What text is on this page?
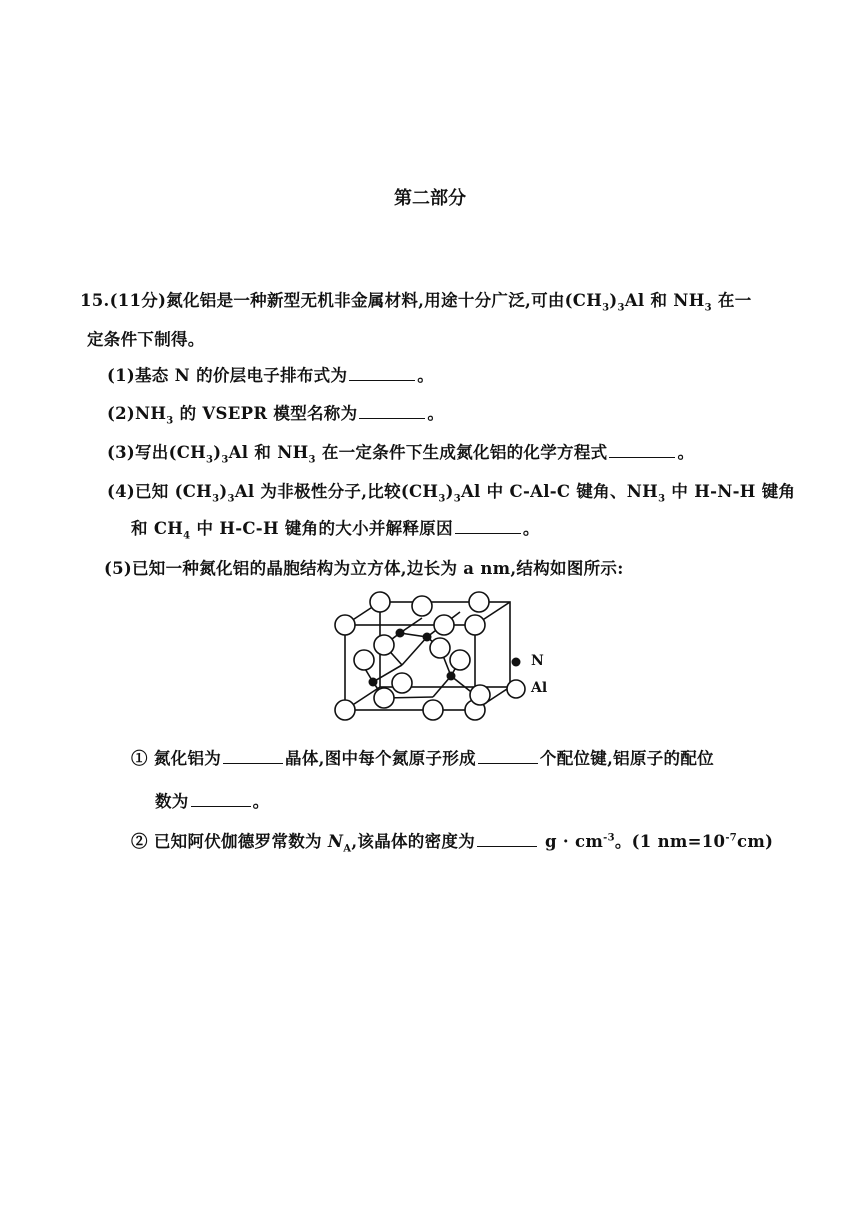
第二部分
15.(11分)氮化铝是一种新型无机非金属材料,用途十分广泛,可由$(CH_3)_3Al$ 和 $NH_3$ 在一
定条件下制得。
(1)基态 N 的价层电子排布式为	。
$(2)NH_3$ 的 VSEPR 模型名称为	。
(3)写出$(CH_3)_3Al$ 和 $NH_3$ 在一定条件下生成氮化铝的化学方程式	。
(4)已知 $(CH_3)_3Al$ 为非极性分子,比较$(CH_3)_3Al$ 中 C-Al-C 键角、$NH_3$ 中 H-N-H 键角
和 $CH_4$ 中 H-C-H 键角的大小并解释原因	。
(5)已知一种氮化铝的晶胞结构为立方体,边长为 a nm,结构如图所示:
N
Al
① 氮化铝为	晶体,图中每个氮原子形成	个配位键,铝原子的配位
数为	。
② 已知阿伏伽德罗常数为 $N_A$,该晶体的密度为	$g \cdot cm^{-3}$。(1 $nm=10^{-7}cm$)
